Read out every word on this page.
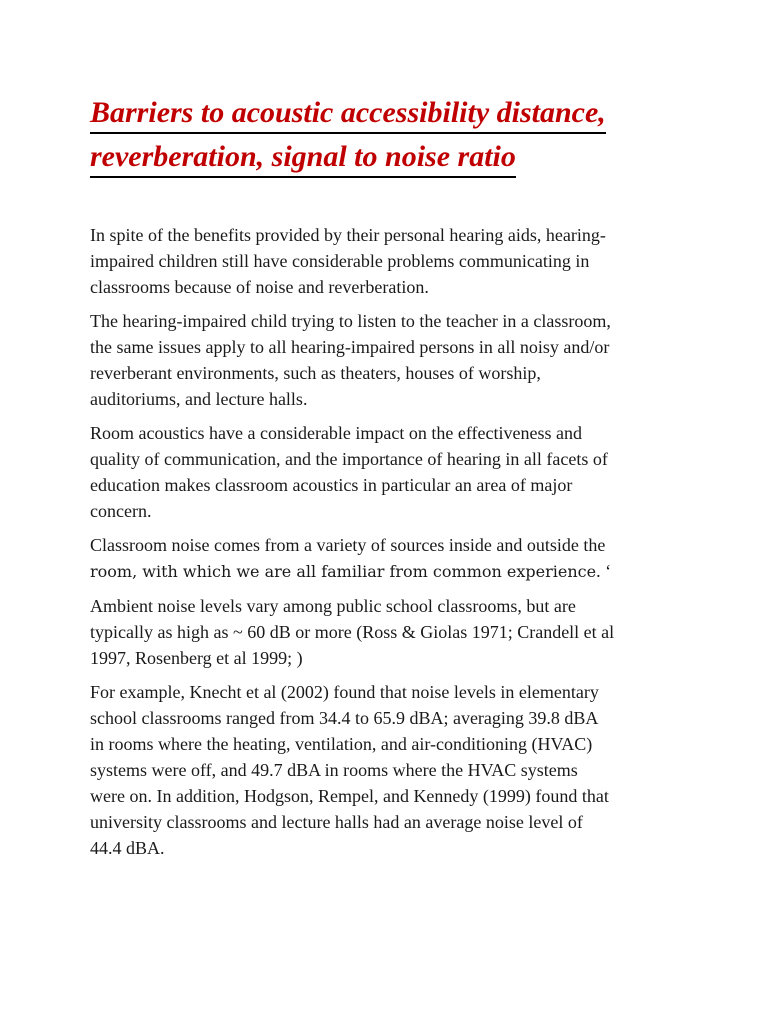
Barriers to acoustic accessibility distance,
reverberation, signal to noise ratio

In spite of the benefits provided by their personal hearing aids, hearing-
impaired children still have considerable problems communicating in
classrooms because of noise and reverberation.

The hearing-impaired child trying to listen to the teacher in a classroom,
the same issues apply to all hearing-impaired persons in all noisy and/or
reverberant environments, such as theaters, houses of worship,
auditoriums, and lecture halls.

Room acoustics have a considerable impact on the effectiveness and
quality of communication, and the importance of hearing in all facets of
education makes classroom acoustics in particular an area of major
concern.

Classroom noise comes from a variety of sources inside and outside the
room, with which we are all familiar from common experience. ‘

Ambient noise levels vary among public school classrooms, but are
typically as high as ~ 60 dB or more (Ross & Giolas 1971; Crandell et al
1997, Rosenberg et al 1999; )

For example, Knecht et al (2002) found that noise levels in elementary
school classrooms ranged from 34.4 to 65.9 dBA; averaging 39.8 dBA
in rooms where the heating, ventilation, and air-conditioning (HVAC)
systems were off, and 49.7 dBA in rooms where the HVAC systems
were on. In addition, Hodgson, Rempel, and Kennedy (1999) found that
university classrooms and lecture halls had an average noise level of
44.4 dBA.
